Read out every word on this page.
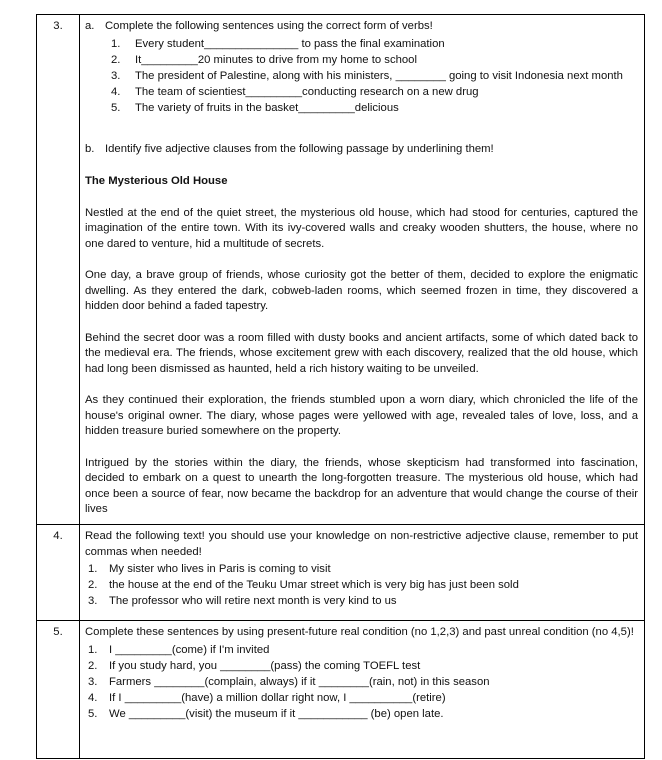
3.	a. Complete the following sentences using the correct form of verbs!
1.	Every student_______________ to pass the final examination
2.	It_________20 minutes to drive from my home to school
3.	The president of Palestine, along with his ministers, ________ going to visit Indonesia next month
4.	The team of scientiest_________conducting research on a new drug
5.	The variety of fruits in the basket_________delicious
b. Identify five adjective clauses from the following passage by underlining them!
The Mysterious Old House

Nestled at the end of the quiet street, the mysterious old house, which had stood for centuries, captured the imagination of the entire town. With its ivy-covered walls and creaky wooden shutters, the house, where no one dared to venture, hid a multitude of secrets.

One day, a brave group of friends, whose curiosity got the better of them, decided to explore the enigmatic dwelling. As they entered the dark, cobweb-laden rooms, which seemed frozen in time, they discovered a hidden door behind a faded tapestry.

Behind the secret door was a room filled with dusty books and ancient artifacts, some of which dated back to the medieval era. The friends, whose excitement grew with each discovery, realized that the old house, which had long been dismissed as haunted, held a rich history waiting to be unveiled.

As they continued their exploration, the friends stumbled upon a worn diary, which chronicled the life of the house's original owner. The diary, whose pages were yellowed with age, revealed tales of love, loss, and a hidden treasure buried somewhere on the property.

Intrigued by the stories within the diary, the friends, whose skepticism had transformed into fascination, decided to embark on a quest to unearth the long-forgotten treasure. The mysterious old house, which had once been a source of fear, now became the backdrop for an adventure that would change the course of their lives

4.	Read the following text! you should use your knowledge on non-restrictive adjective clause, remember to put commas when needed!
1.	My sister who lives in Paris is coming to visit
2.	the house at the end of the Teuku Umar street which is very big has just been sold
3.	The professor who will retire next month is very kind to us

5.	Complete these sentences by using present-future real condition (no 1,2,3) and past unreal condition (no 4,5)!
1.	I _________(come) if I'm invited
2.	If you study hard, you ________(pass) the coming TOEFL test
3.	Farmers ________(complain, always) if it ________(rain, not) in this season
4.	If I _________(have) a million dollar right now, I __________(retire)
5.	We _________(visit) the museum if it ___________ (be) open late.
